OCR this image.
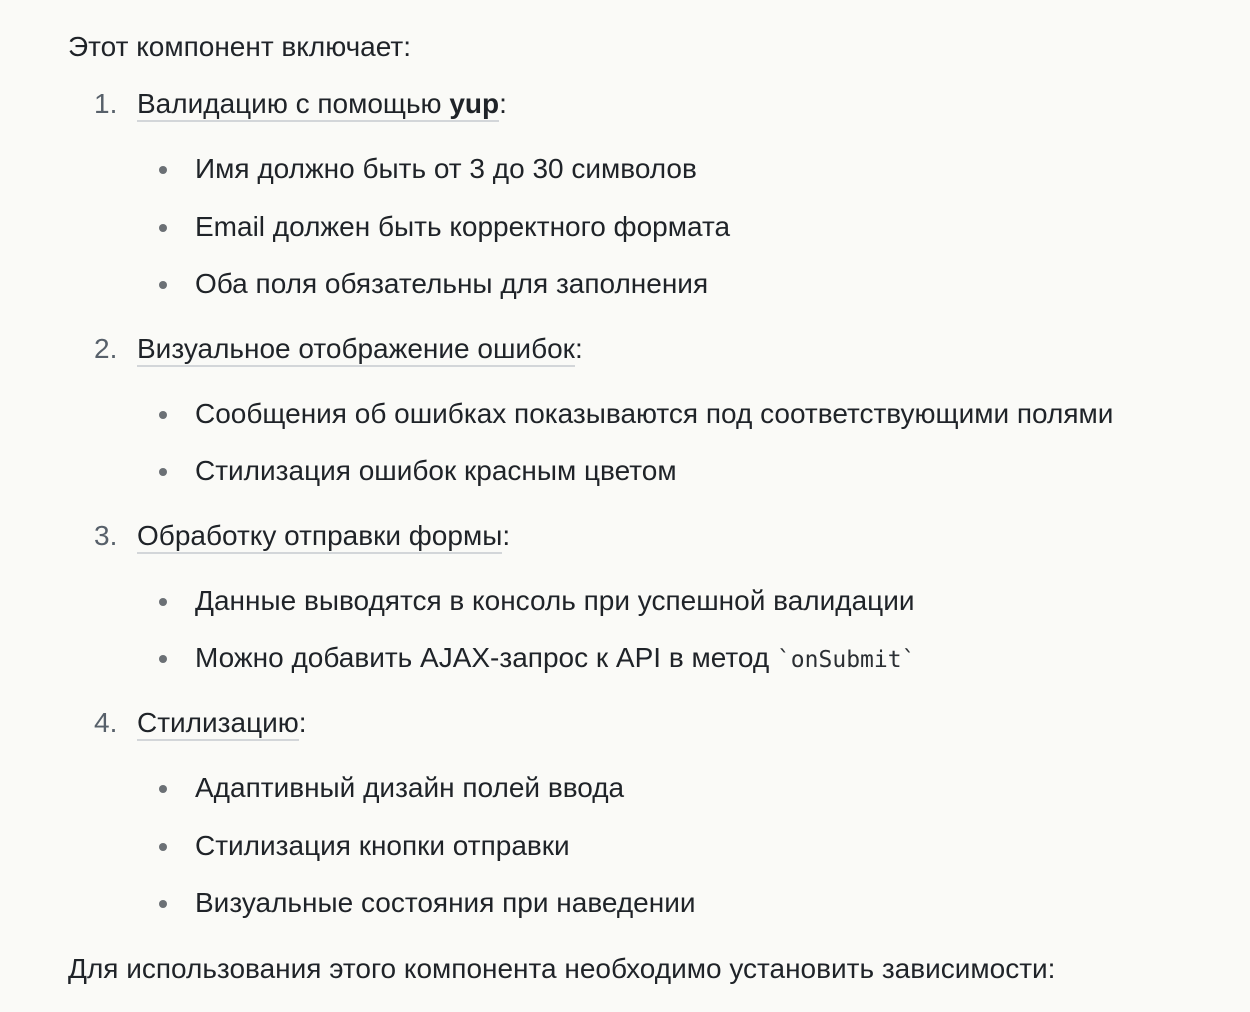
Этот компонент включает:
1. Валидацию с помощью yup:
Имя должно быть от 3 до 30 символов
Email должен быть корректного формата
Оба поля обязательны для заполнения
2. Визуальное отображение ошибок:
Сообщения об ошибках показываются под соответствующими полями
Стилизация ошибок красным цветом
3. Обработку отправки формы:
Данные выводятся в консоль при успешной валидации
Можно добавить AJAX-запрос к API в метод `onSubmit`
4. Стилизацию:
Адаптивный дизайн полей ввода
Стилизация кнопки отправки
Визуальные состояния при наведении
Для использования этого компонента необходимо установить зависимости:
